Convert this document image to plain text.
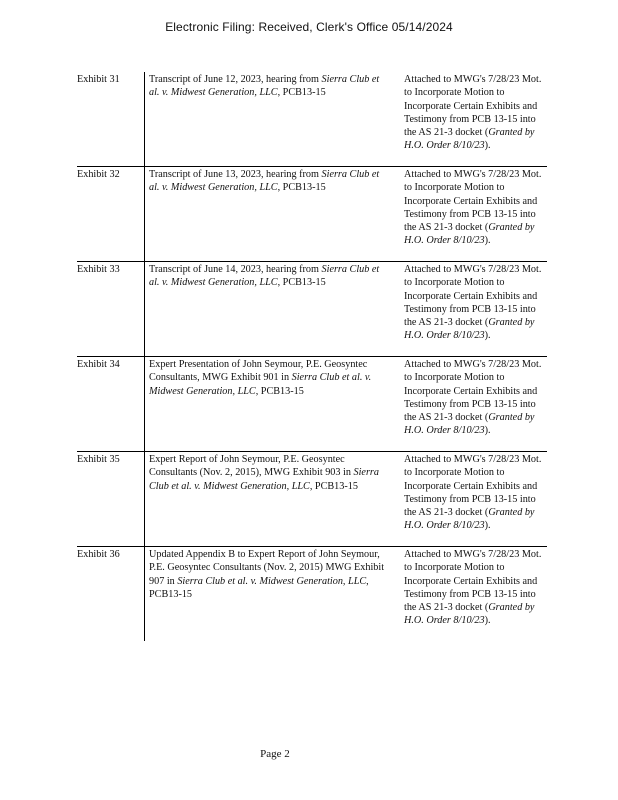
Electronic Filing: Received, Clerk's Office 05/14/2024
Exhibit 31	Transcript of June 12, 2023, hearing from Sierra Club et al. v. Midwest Generation, LLC, PCB13-15
Attached to MWG's 7/28/23 Mot. to Incorporate Motion to Incorporate Certain Exhibits and Testimony from PCB 13-15 into the AS 21-3 docket (Granted by H.O. Order 8/10/23).
Exhibit 32	Transcript of June 13, 2023, hearing from Sierra Club et al. v. Midwest Generation, LLC, PCB13-15
Attached to MWG's 7/28/23 Mot. to Incorporate Motion to Incorporate Certain Exhibits and Testimony from PCB 13-15 into the AS 21-3 docket (Granted by H.O. Order 8/10/23).
Exhibit 33	Transcript of June 14, 2023, hearing from Sierra Club et al. v. Midwest Generation, LLC, PCB13-15
Attached to MWG's 7/28/23 Mot. to Incorporate Motion to Incorporate Certain Exhibits and Testimony from PCB 13-15 into the AS 21-3 docket (Granted by H.O. Order 8/10/23).
Exhibit 34	Expert Presentation of John Seymour, P.E. Geosyntec Consultants, MWG Exhibit 901 in Sierra Club et al. v. Midwest Generation, LLC, PCB13-15
Attached to MWG's 7/28/23 Mot. to Incorporate Motion to Incorporate Certain Exhibits and Testimony from PCB 13-15 into the AS 21-3 docket (Granted by H.O. Order 8/10/23).
Exhibit 35	Expert Report of John Seymour, P.E. Geosyntec Consultants (Nov. 2, 2015), MWG Exhibit 903 in Sierra Club et al. v. Midwest Generation, LLC, PCB13-15
Attached to MWG's 7/28/23 Mot. to Incorporate Motion to Incorporate Certain Exhibits and Testimony from PCB 13-15 into the AS 21-3 docket (Granted by H.O. Order 8/10/23).
Exhibit 36	Updated Appendix B to Expert Report of John Seymour, P.E. Geosyntec Consultants (Nov. 2, 2015) MWG Exhibit 907 in Sierra Club et al. v. Midwest Generation, LLC, PCB13-15
Attached to MWG's 7/28/23 Mot. to Incorporate Motion to Incorporate Certain Exhibits and Testimony from PCB 13-15 into the AS 21-3 docket (Granted by H.O. Order 8/10/23).
Page 2
